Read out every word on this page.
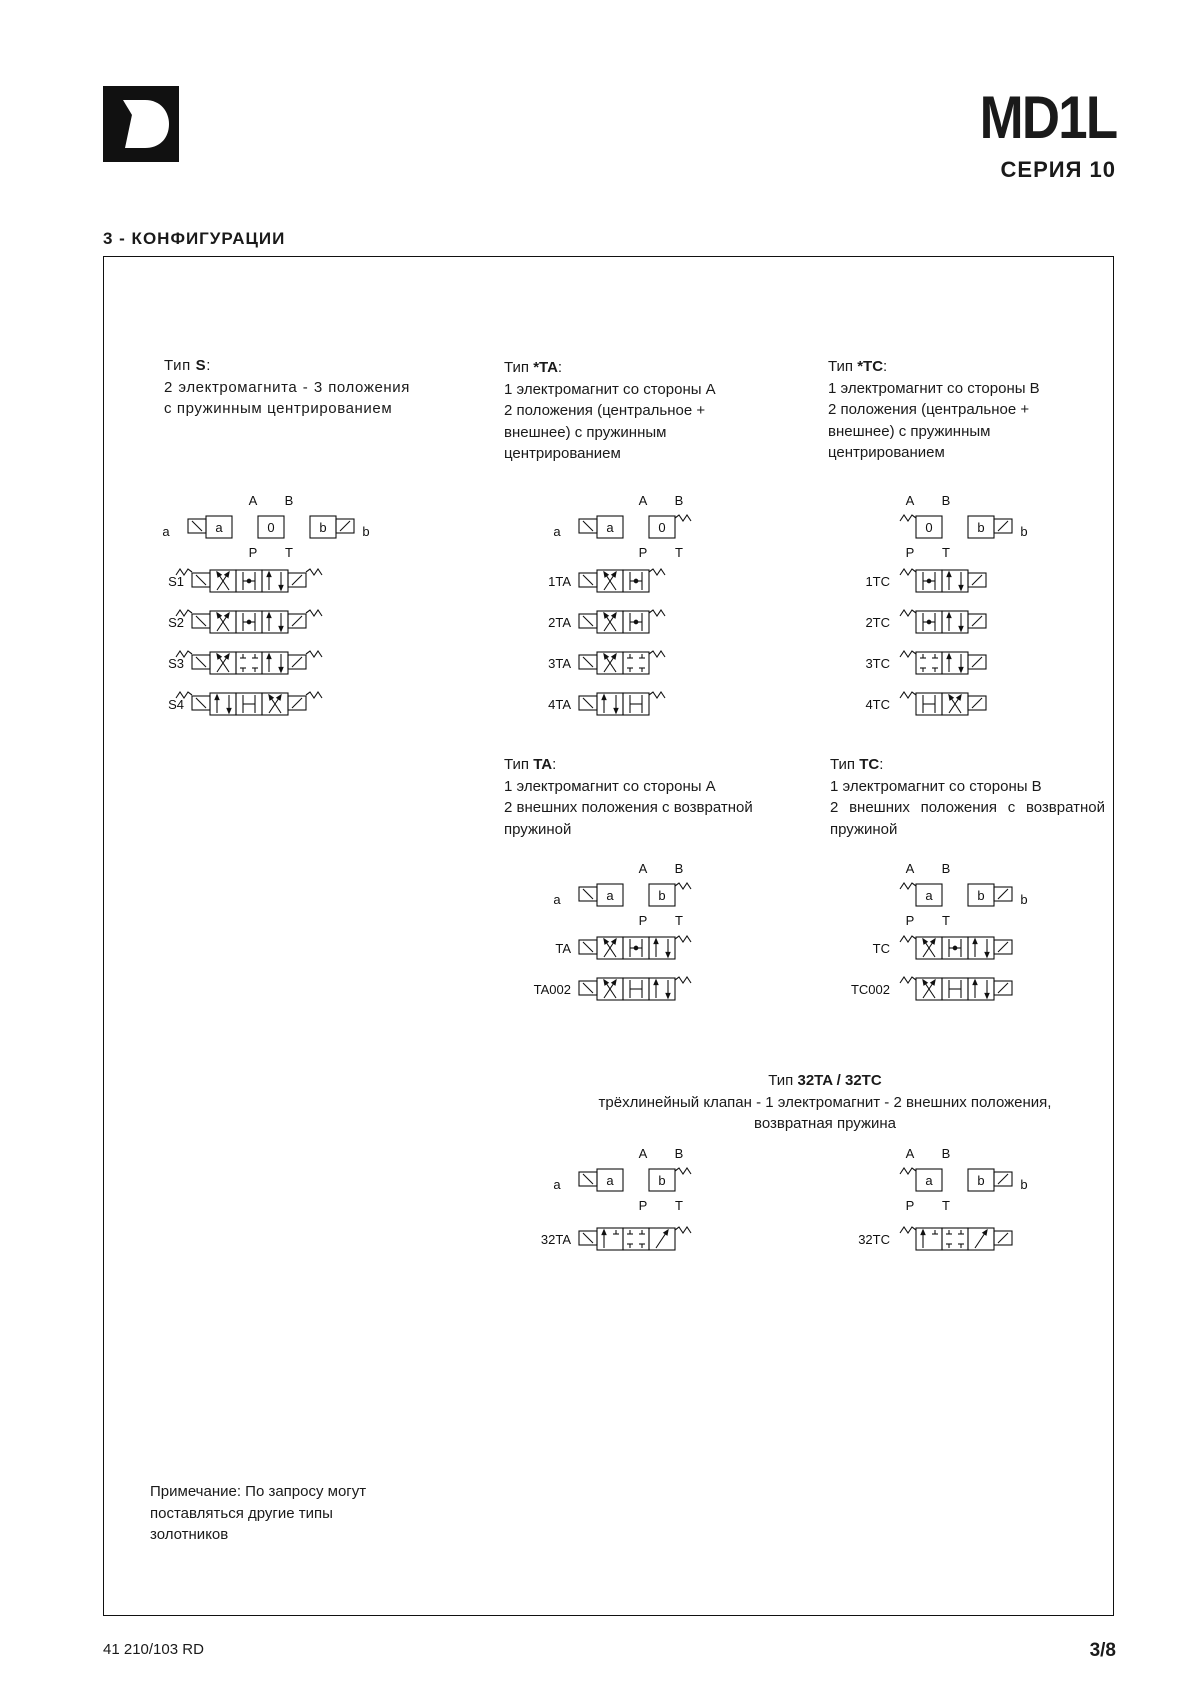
MD1L
СЕРИЯ 10
3 - КОНФИГУРАЦИИ
Тип S:
2 электромагнита - 3 положения с пружинным центрированием
Тип *TA:
1 электромагнит со стороны А
2 положения (центральное +
внешнее) с пружинным
центрированием
Тип *TC:
1 электромагнит со стороны В
2 положения (центральное +
внешнее) с пружинным
центрированием
Тип TA:
1 электромагнит со стороны А
2 внешних положения с возвратной
пружиной
Тип TC:
1 электромагнит со стороны В
2 внешних положения с возвратной пружиной
Тип 32TA / 32TC
трёхлинейный клапан - 1 электромагнит - 2 внешних положения,
возвратная пружина
Примечание: По запросу могут
поставляться другие типы
золотников
41 210/103 RD	3/8
A B
P T
a	0	b
a	b
S1
S2
S3
S4
A B
P T
a	0
a
1TA
2TA
3TA
4TA
A B
P T
0	b	b
1TC
2TC
3TC
4TC
A B
P T
a	b
a
TA
TA002
A B
P T
a	b	b
TC
TC002
A B
P T
a	b
a
32TA
A B
P T
a	b	b
32TC
